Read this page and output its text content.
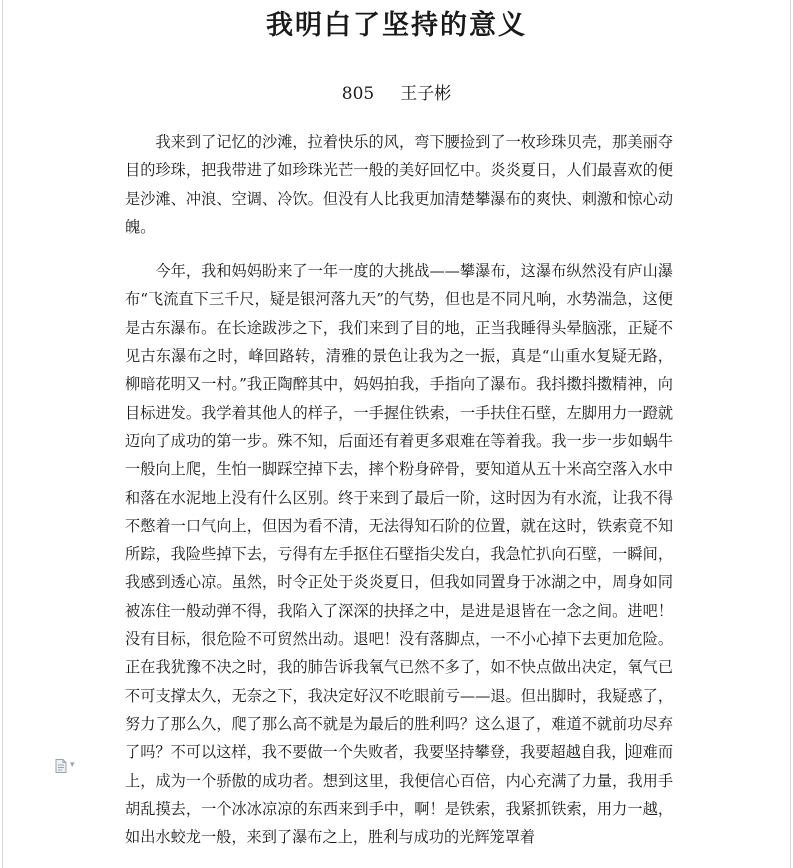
我明白了坚持的意义

805 王子彬

我来到了记忆的沙滩，拉着快乐的风，弯下腰捡到了一枚珍珠贝壳，那美丽夺目的珍珠，把我带进了如珍珠光芒一般的美好回忆中。炎炎夏日，人们最喜欢的便是沙滩、冲浪、空调、冷饮。但没有人比我更加清楚攀瀑布的爽快、刺激和惊心动魄。

今年，我和妈妈盼来了一年一度的大挑战——攀瀑布，这瀑布纵然没有庐山瀑布“飞流直下三千尺，疑是银河落九天”的气势，但也是不同凡响，水势湍急，这便是古东瀑布。在长途跋涉之下，我们来到了目的地，正当我睡得头晕脑涨，正疑不见古东瀑布之时，峰回路转，清雅的景色让我为之一振，真是“山重水复疑无路，柳暗花明又一村。”我正陶醉其中，妈妈拍我，手指向了瀑布。我抖擞抖擞精神，向目标进发。我学着其他人的样子，一手握住铁索，一手扶住石壁，左脚用力一蹬就迈向了成功的第一步。殊不知，后面还有着更多艰难在等着我。我一步一步如蜗牛一般向上爬，生怕一脚踩空掉下去，摔个粉身碎骨，要知道从五十米高空落入水中和落在水泥地上没有什么区别。终于来到了最后一阶，这时因为有水流，让我不得不憋着一口气向上，但因为看不清，无法得知石阶的位置，就在这时，铁索竟不知所踪，我险些掉下去，亏得有左手抠住石壁指尖发白，我急忙扒向石壁，一瞬间，我感到透心凉。虽然，时令正处于炎炎夏日，但我如同置身于冰湖之中，周身如同被冻住一般动弹不得，我陷入了深深的抉择之中，是进是退皆在一念之间。进吧！没有目标，很危险不可贸然出动。退吧！没有落脚点，一不小心掉下去更加危险。正在我犹豫不决之时，我的肺告诉我氧气已然不多了，如不快点做出决定，氧气已不可支撑太久，无奈之下，我决定好汉不吃眼前亏——退。但出脚时，我疑惑了，努力了那么久，爬了那么高不就是为最后的胜利吗？这么退了，难道不就前功尽弃了吗？不可以这样，我不要做一个失败者，我要坚持攀登，我要超越自我，迎难而上，成为一个骄傲的成功者。想到这里，我便信心百倍，内心充满了力量，我用手胡乱摸去，一个冰冰凉凉的东西来到手中，啊！是铁索，我紧抓铁索，用力一越，如出水蛟龙一般，来到了瀑布之上，胜利与成功的光辉笼罩着

▾
